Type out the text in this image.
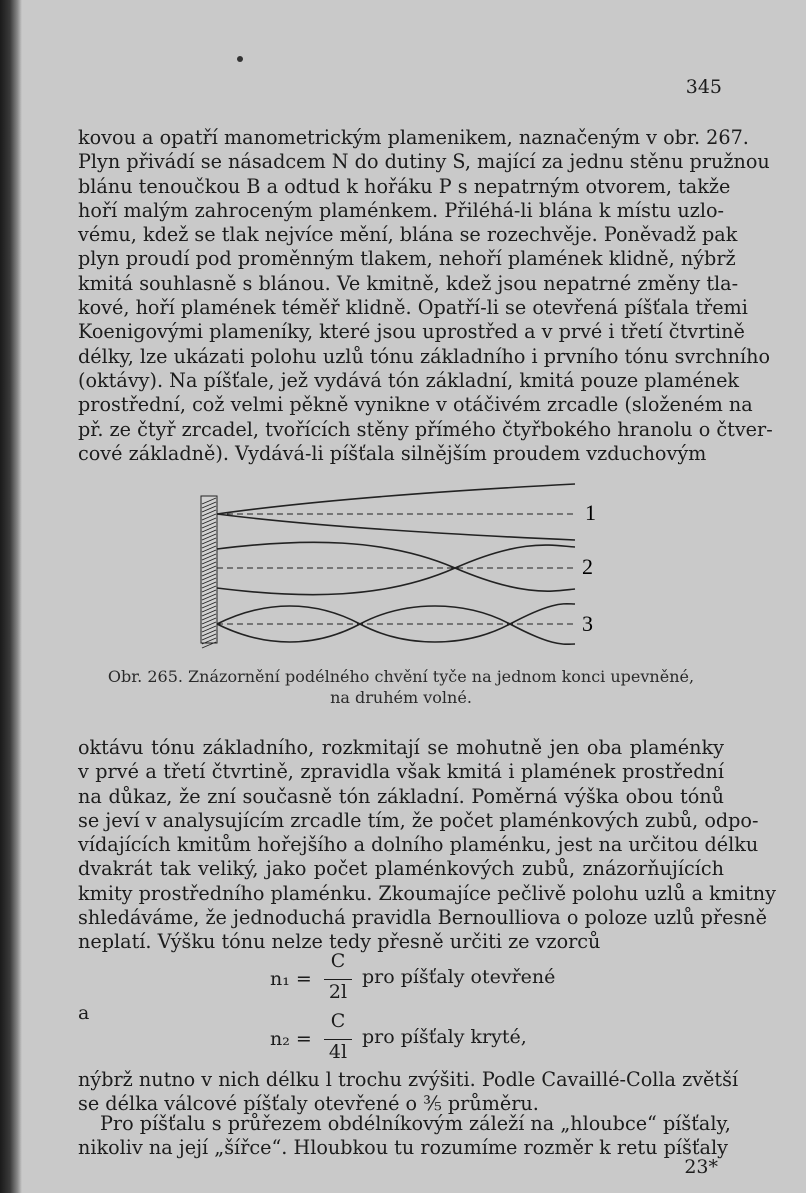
345
kovou a opatří manometrickým plamenikem, naznačeným v obr. 267.
Plyn přivádí se násadcem N do dutiny S, mající za jednu stěnu pružnou
blánu tenoučkou B a odtud k hořáku P s nepatrným otvorem, takže
hoří malým zahroceným plaménkem. Přiléhá-li blána k místu uzlo-
vému, kdež se tlak nejvíce mění, blána se rozechvěje. Poněvadž pak
plyn proudí pod proměnným tlakem, nehoří plamének klidně, nýbrž
kmitá souhlasně s blánou. Ve kmitně, kdež jsou nepatrné změny tla-
kové, hoří plamének téměř klidně. Opatří-li se otevřená píšťala třemi
Koenigovými plameníky, které jsou uprostřed a v prvé i třetí čtvrtině
délky, lze ukázati polohu uzlů tónu základního i prvního tónu svrchního
(oktávy). Na píšťale, jež vydává tón základní, kmitá pouze plamének
prostřední, což velmi pěkně vynikne v otáčivém zrcadle (složeném na
př. ze čtyř zrcadel, tvořících stěny přímého čtyřbokého hranolu o čtver-
cové základně). Vydává-li píšťala silnějším proudem vzduchovým
1
2
3
Obr. 265. Znázornění podélného chvění tyče na jednom konci upevněné,
na druhém volné.
oktávu tónu základního, rozkmitají se mohutně jen oba plaménky
v prvé a třetí čtvrtině, zpravidla však kmitá i plamének prostřední
na důkaz, že zní současně tón základní. Poměrná výška obou tónů
se jeví v analysujícím zrcadle tím, že počet plaménkových zubů, odpo-
vídajících kmitům hořejšího a dolního plaménku, jest na určitou délku
dvakrát tak veliký, jako počet plaménkových zubů, znázorňujících
kmity prostředního plaménku. Zkoumajíce pečlivě polohu uzlů a kmitny
shledáváme, že jednoduchá pravidla Bernoulliova o poloze uzlů přesně
neplatí. Výšku tónu nelze tedy přesně určiti ze vzorců
n₁ =
C
2l
pro píšťaly otevřené
a
n₂ =
C
4l
pro píšťaly kryté,
nýbrž nutno v nich délku l trochu zvýšiti. Podle Cavaillé-Colla zvětší
se délka válcové píšťaly otevřené o ⅗ průměru.
Pro píšťalu s průřezem obdélníkovým záleží na „hloubce“ píšťaly,
nikoliv na její „šířce“. Hloubkou tu rozumíme rozměr k retu píšťaly
23*
